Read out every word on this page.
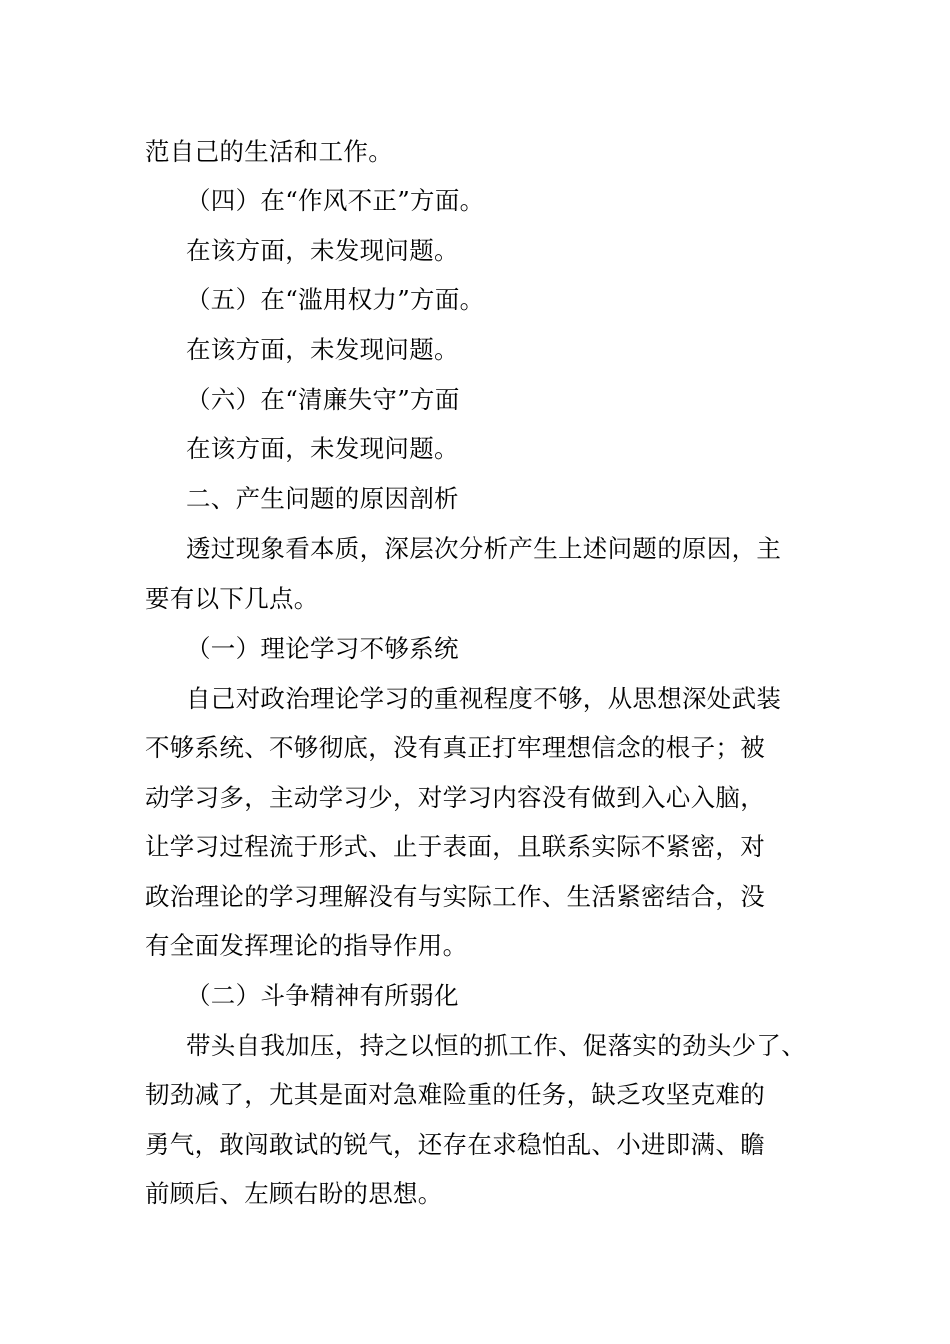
范自己的生活和工作。
（四）在“作风不正”方面。
在该方面，未发现问题。
（五）在“滥用权力”方面。
在该方面，未发现问题。
（六）在“清廉失守”方面
在该方面，未发现问题。
二、产生问题的原因剖析
透过现象看本质，深层次分析产生上述问题的原因，主
要有以下几点。
（一）理论学习不够系统
自己对政治理论学习的重视程度不够，从思想深处武装
不够系统、不够彻底，没有真正打牢理想信念的根子；被
动学习多，主动学习少，对学习内容没有做到入心入脑，
让学习过程流于形式、止于表面，且联系实际不紧密，对
政治理论的学习理解没有与实际工作、生活紧密结合，没
有全面发挥理论的指导作用。
（二）斗争精神有所弱化
带头自我加压，持之以恒的抓工作、促落实的劲头少了、
韧劲减了，尤其是面对急难险重的任务，缺乏攻坚克难的
勇气，敢闯敢试的锐气，还存在求稳怕乱、小进即满、瞻
前顾后、左顾右盼的思想。
